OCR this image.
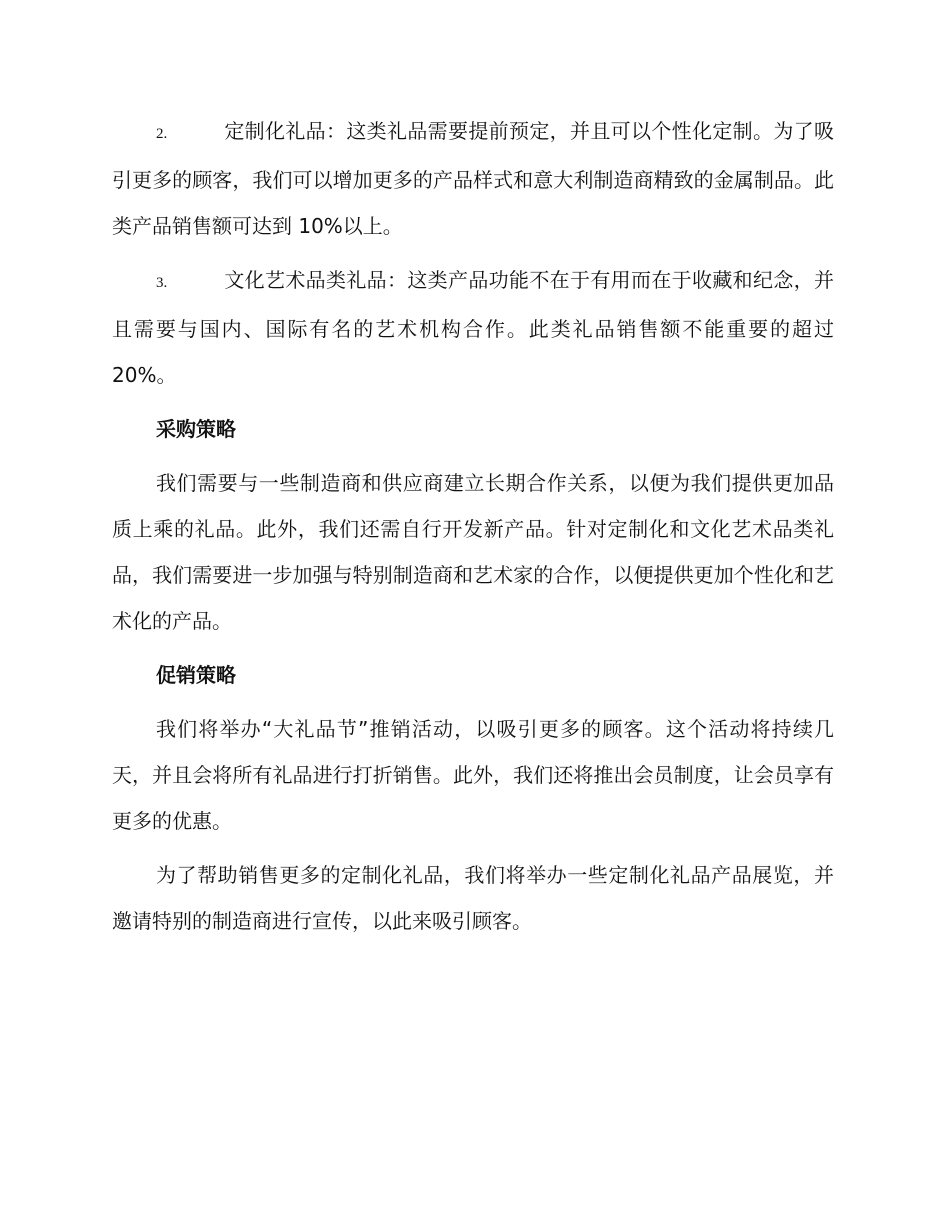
2.	定制化礼品：这类礼品需要提前预定，并且可以个性化定制。为了吸引更多的顾客，我们可以增加更多的产品样式和意大利制造商精致的金属制品。此类产品销售额可达到 10%以上。

3.	文化艺术品类礼品：这类产品功能不在于有用而在于收藏和纪念，并且需要与国内、国际有名的艺术机构合作。此类礼品销售额不能重要的超过 20%。

采购策略

我们需要与一些制造商和供应商建立长期合作关系，以便为我们提供更加品质上乘的礼品。此外，我们还需自行开发新产品。针对定制化和文化艺术品类礼品，我们需要进一步加强与特别制造商和艺术家的合作，以便提供更加个性化和艺术化的产品。

促销策略

我们将举办“大礼品节”推销活动，以吸引更多的顾客。这个活动将持续几天，并且会将所有礼品进行打折销售。此外，我们还将推出会员制度，让会员享有更多的优惠。

为了帮助销售更多的定制化礼品，我们将举办一些定制化礼品产品展览，并邀请特别的制造商进行宣传，以此来吸引顾客。
